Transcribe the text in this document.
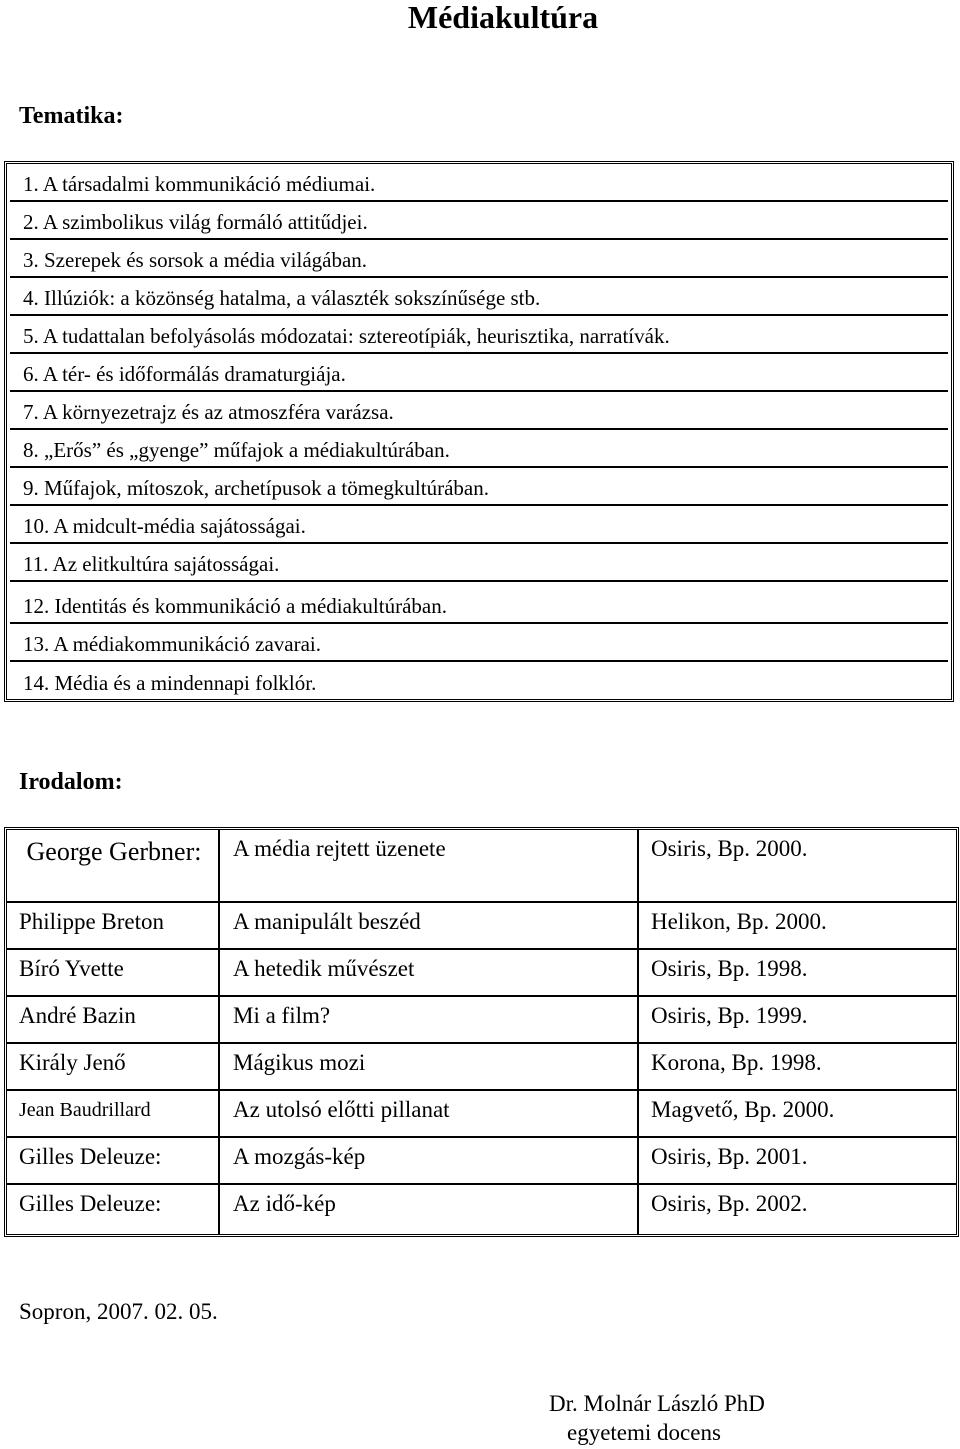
Médiakultúra
Tematika:
1. A társadalmi kommunikáció médiumai.
2. A szimbolikus világ formáló attitűdjei.
3. Szerepek és sorsok a média világában.
4. Illúziók: a közönség hatalma, a választék sokszínűsége stb.
5. A tudattalan befolyásolás módozatai: sztereotípiák, heurisztika, narratívák.
6. A tér- és időformálás dramaturgiája.
7. A környezetrajz és az atmoszféra varázsa.
8. „Erős” és „gyenge” műfajok a médiakultúrában.
9. Műfajok, mítoszok, archetípusok a tömegkultúrában.
10. A midcult-média sajátosságai.
11. Az elitkultúra sajátosságai.
12. Identitás és kommunikáció a médiakultúrában.
13. A médiakommunikáció zavarai.
14. Média és a mindennapi folklór.
Irodalom:
George Gerbner:	A média rejtett üzenete	Osiris, Bp. 2000.
Philippe Breton	A manipulált beszéd	Helikon, Bp. 2000.
Bíró Yvette	A hetedik művészet	Osiris, Bp. 1998.
André Bazin	Mi a film?	Osiris, Bp. 1999.
Király Jenő	Mágikus mozi	Korona, Bp. 1998.
Jean Baudrillard	Az utolsó előtti pillanat	Magvető, Bp. 2000.
Gilles Deleuze:	A mozgás-kép	Osiris, Bp. 2001.
Gilles Deleuze:	Az idő-kép	Osiris, Bp. 2002.
Sopron, 2007. 02. 05.
Dr. Molnár László PhD
egyetemi docens
